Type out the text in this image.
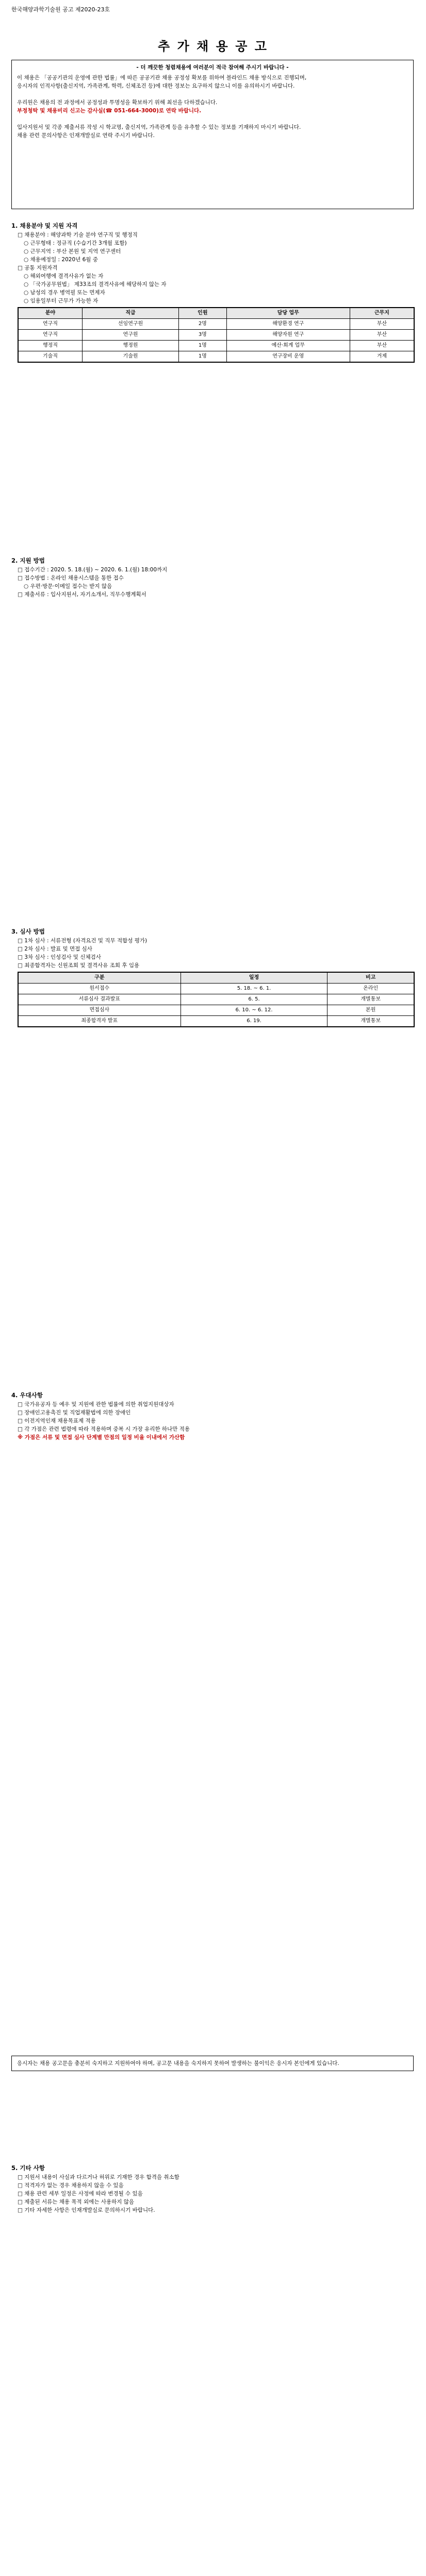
한국해양과학기술원 공고 제2020-23호
추 가 채 용 공 고
- 더 깨끗한 청렴채용에 여러분이 적극 참여해 주시기 바랍니다 -
이 채용은 「공공기관의 운영에 관한 법률」에 따른 공공기관 채용 공정성 확보를 위하여 블라인드 채용 방식으로 진행되며,
응시자의 인적사항(출신지역, 가족관계, 학력, 신체조건 등)에 대한 정보는 요구하지 않으니 이를 유의하시기 바랍니다.
우리원은 채용의 전 과정에서 공정성과 투명성을 확보하기 위해 최선을 다하겠습니다.
부정청탁 및 채용비리 신고는 감사실(☎ 051-664-3000)로 연락 바랍니다.
입사지원서 및 각종 제출서류 작성 시 학교명, 출신지역, 가족관계 등을 유추할 수 있는 정보를 기재하지 마시기 바랍니다.
채용 관련 문의사항은 인재개발실로 연락 주시기 바랍니다.
1. 채용분야 및 지원 자격
□ 채용분야 : 해양과학 기술 분야 연구직 및 행정직
○ 근무형태 : 정규직 (수습기간 3개월 포함)
○ 근무지역 : 부산 본원 및 지역 연구센터
○ 채용예정일 : 2020년 6월 중
□ 공통 지원자격
○ 해외여행에 결격사유가 없는 자
○ 「국가공무원법」 제33조의 결격사유에 해당하지 않는 자
○ 남성의 경우 병역필 또는 면제자
○ 임용일부터 근무가 가능한 자
분야	직급	인원	담당 업무	근무지
연구직	선임연구원	2명	해양환경 연구	부산
연구직	연구원	3명	해양자원 연구	부산
행정직	행정원	1명	예산·회계 업무	부산
기술직	기술원	1명	연구장비 운영	거제
2. 지원 방법
□ 접수기간 : 2020. 5. 18.(월) ~ 2020. 6. 1.(월) 18:00까지
□ 접수방법 : 온라인 채용시스템을 통한 접수
○ 우편·방문·이메일 접수는 받지 않음
□ 제출서류 : 입사지원서, 자기소개서, 직무수행계획서
3. 심사 방법
□ 1차 심사 : 서류전형 (자격요건 및 직무 적합성 평가)
□ 2차 심사 : 발표 및 면접 심사
□ 3차 심사 : 인성검사 및 신체검사
□ 최종합격자는 신원조회 및 결격사유 조회 후 임용
구분	일정	비고
원서접수	5. 18. ~ 6. 1.	온라인
서류심사 결과발표	6. 5.	개별통보
면접심사	6. 10. ~ 6. 12.	본원
최종합격자 발표	6. 19.	개별통보
4. 우대사항
□ 국가유공자 등 예우 및 지원에 관한 법률에 의한 취업지원대상자
□ 장애인고용촉진 및 직업재활법에 의한 장애인
□ 이전지역인재 채용목표제 적용
□ 각 가점은 관련 법령에 따라 적용하며 중복 시 가장 유리한 하나만 적용
※ 가점은 서류 및 면접 심사 단계별 만점의 일정 비율 이내에서 가산함
응시자는 채용 공고문을 충분히 숙지하고 지원하여야 하며, 공고문 내용을 숙지하지 못하여 발생하는 불이익은 응시자 본인에게 있습니다.
5. 기타 사항
□ 지원서 내용이 사실과 다르거나 허위로 기재한 경우 합격을 취소함
□ 적격자가 없는 경우 채용하지 않을 수 있음
□ 채용 관련 세부 일정은 사정에 따라 변경될 수 있음
□ 제출된 서류는 채용 목적 외에는 사용하지 않음
□ 기타 자세한 사항은 인재개발실로 문의하시기 바랍니다.
